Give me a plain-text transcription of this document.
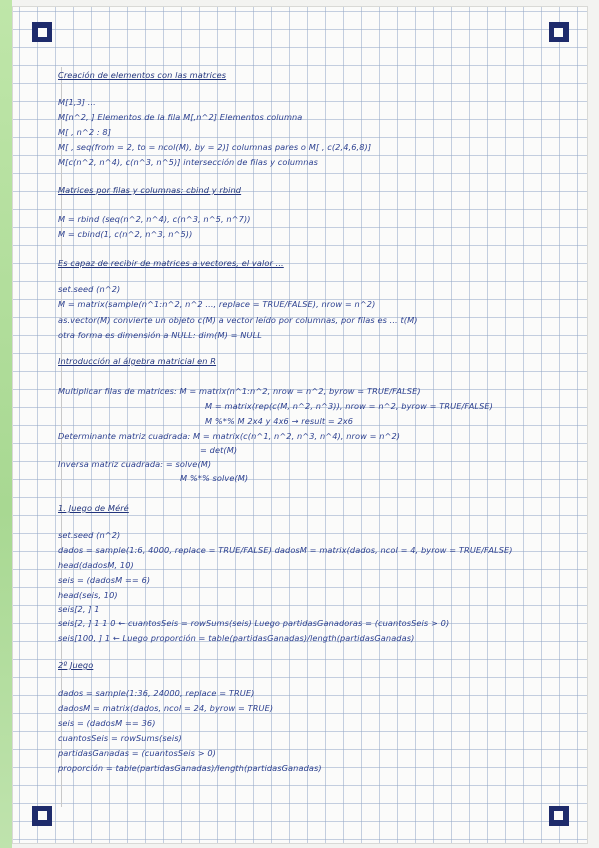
Creación de elementos con las matrices
M[1,3] ...
M[n^2, ] Elementos de la fila M[,n^2] Elementos columna
M[ , n^2 : 8]
M[ , seq(from = 2, to = ncol(M), by = 2)] columnas pares o M[ , c(2,4,6,8)]
M[c(n^2, n^4), c(n^3, n^5)] intersección de filas y columnas
Matrices por filas y columnas: cbind y rbind
M = rbind (seq(n^2, n^4), c(n^3, n^5, n^7))
M = cbind(1, c(n^2, n^3, n^5))
Es capaz de recibir de matrices a vectores, el valor ...
set.seed (n^2)
M = matrix(sample(n^1:n^2, n^2 ..., replace = TRUE/FALSE), nrow = n^2)
as.vector(M) convierte un objeto c(M) a vector leído por columnas, por filas es ... t(M)
otra forma es dimensión a NULL: dim(M) = NULL
Introducción al álgebra matricial en R
Multiplicar filas de matrices: M = matrix(n^1:n^2, nrow = n^2, byrow = TRUE/FALSE)
M = matrix(rep(c(M, n^2, n^3)), nrow = n^2, byrow = TRUE/FALSE)
M %*% M 2x4 y 4x6 → result = 2x6
Determinante matriz cuadrada: M = matrix(c(n^1, n^2, n^3, n^4), nrow = n^2)
= det(M)
Inversa matriz cuadrada: = solve(M)
M %*% solve(M)
1. Juego de Méré
set.seed (n^2)
dados = sample(1:6, 4000, replace = TRUE/FALSE) dadosM = matrix(dados, ncol = 4, byrow = TRUE/FALSE)
head(dadosM, 10)
seis = (dadosM == 6)
head(seis, 10)
seis[2, ] 1
seis[2, ] 1 1 0 ← cuantosSeis = rowSums(seis) Luego partidasGanadoras = (cuantosSeis > 0)
seis[100, ] 1 ← Luego proporción = table(partidasGanadas)/length(partidasGanadas)
2º Juego
dados = sample(1:36, 24000, replace = TRUE)
dadosM = matrix(dados, ncol = 24, byrow = TRUE)
seis = (dadosM == 36)
cuantosSeis = rowSums(seis)
partidasGanadas = (cuantosSeis > 0)
proporción = table(partidasGanadas)/length(partidasGanadas)
